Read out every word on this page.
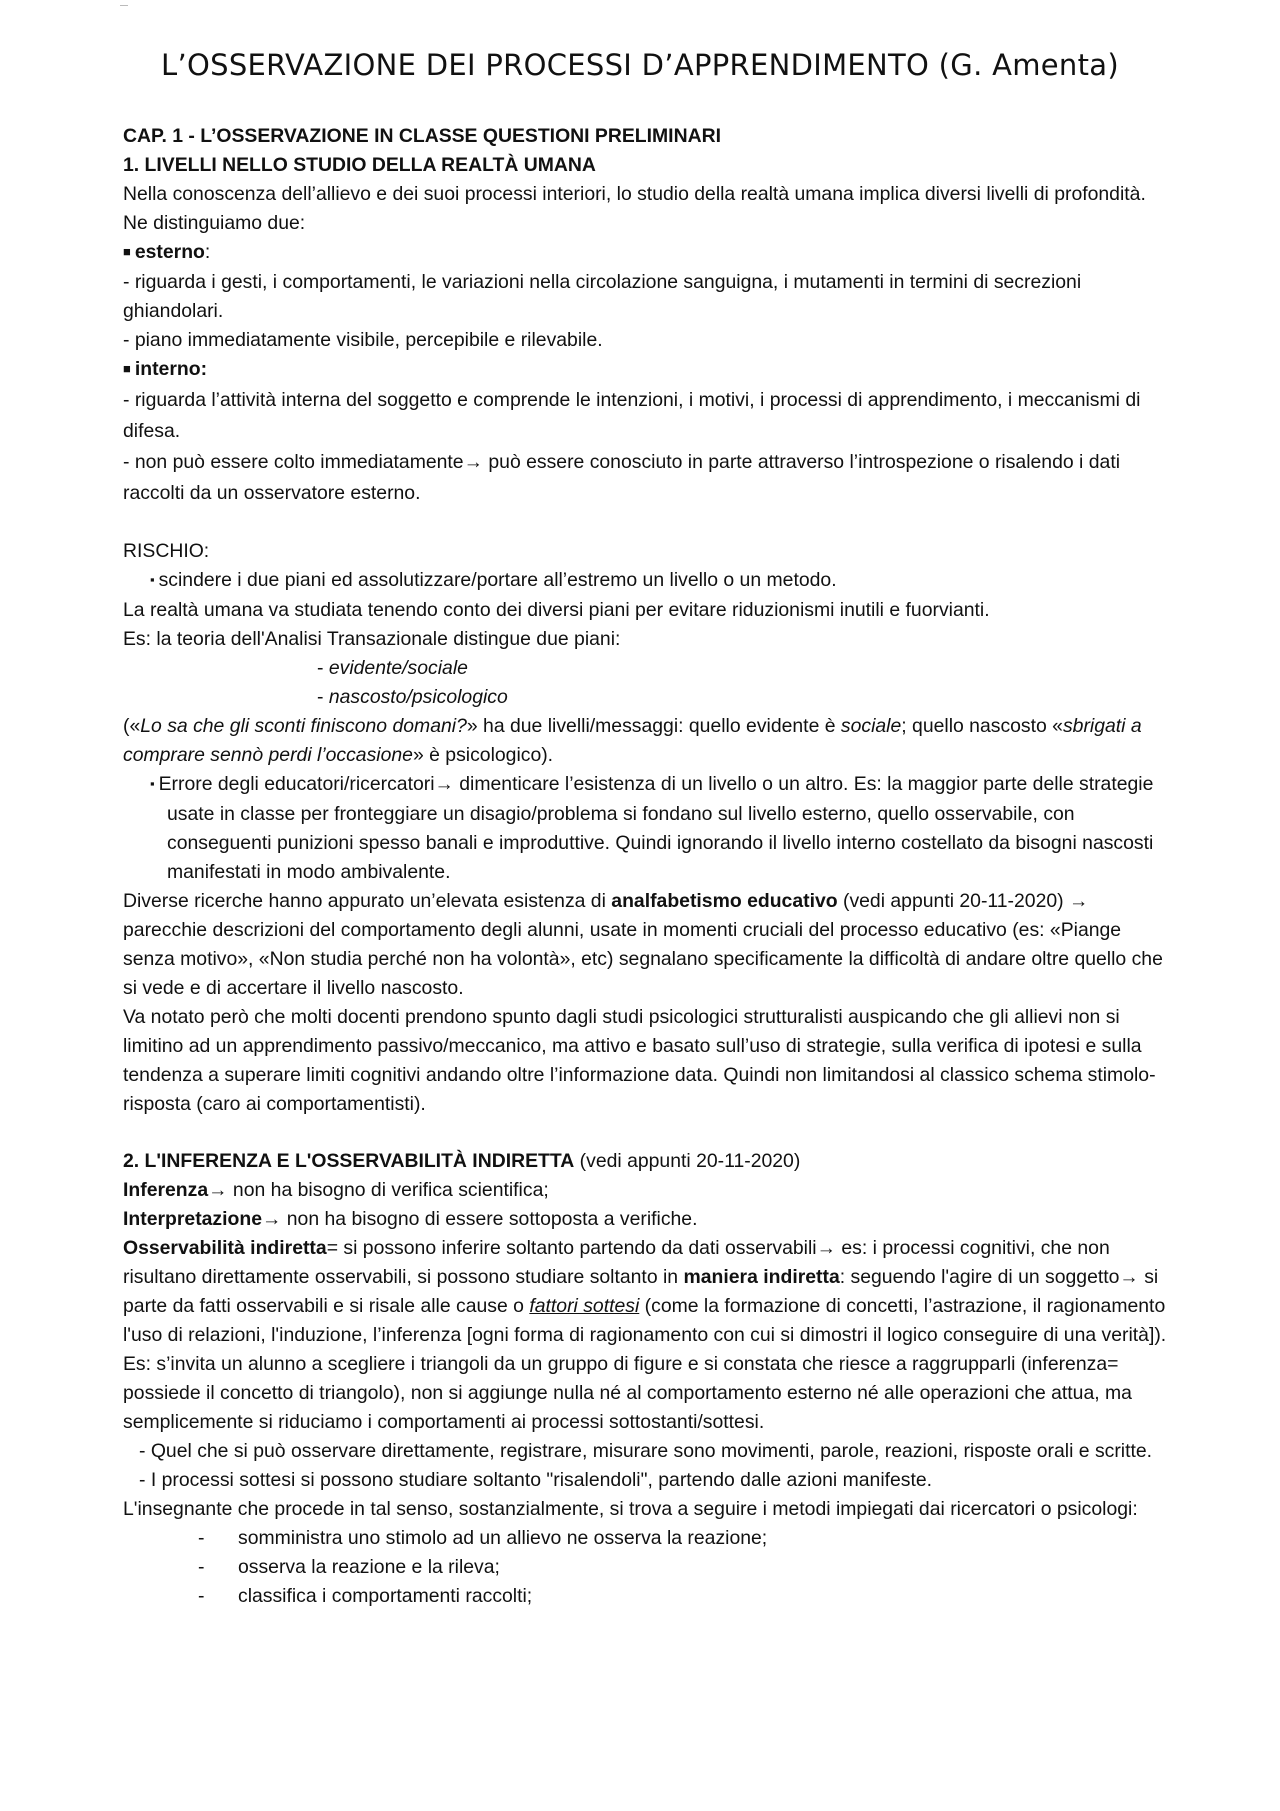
L’OSSERVAZIONE DEI PROCESSI D’APPRENDIMENTO (G. Amenta)

CAP. 1 - L’OSSERVAZIONE IN CLASSE QUESTIONI PRELIMINARI

1. LIVELLI NELLO STUDIO DELLA REALTÀ UMANA

Nella conoscenza dell’allievo e dei suoi processi interiori, lo studio della realtà umana implica diversi livelli di profondità. Ne distinguiamo due:

■ esterno:

- riguarda i gesti, i comportamenti, le variazioni nella circolazione sanguigna, i mutamenti in termini di secrezioni ghiandolari.

- piano immediatamente visibile, percepibile e rilevabile.

■ interno:

- riguarda l’attività interna del soggetto e comprende le intenzioni, i motivi, i processi di apprendimento, i meccanismi di difesa.

- non può essere colto immediatamente→ può essere conosciuto in parte attraverso l’introspezione o risalendo i dati raccolti da un osservatore esterno.

RISCHIO:

▪ scindere i due piani ed assolutizzare/portare all’estremo un livello o un metodo.

La realtà umana va studiata tenendo conto dei diversi piani per evitare riduzionismi inutili e fuorvianti.

Es: la teoria dell'Analisi Transazionale distingue due piani:

- evidente/sociale

- nascosto/psicologico

(«Lo sa che gli sconti finiscono domani?» ha due livelli/messaggi: quello evidente è sociale; quello nascosto «sbrigati a comprare sennò perdi l’occasione» è psicologico).

▪ Errore degli educatori/ricercatori→ dimenticare l’esistenza di un livello o un altro. Es: la maggior parte delle strategie usate in classe per fronteggiare un disagio/problema si fondano sul livello esterno, quello osservabile, con conseguenti punizioni spesso banali e improduttive. Quindi ignorando il livello interno costellato da bisogni nascosti manifestati in modo ambivalente.

Diverse ricerche hanno appurato un’elevata esistenza di analfabetismo educativo (vedi appunti 20-11-2020) → parecchie descrizioni del comportamento degli alunni, usate in momenti cruciali del processo educativo (es: «Piange senza motivo», «Non studia perché non ha volontà», etc) segnalano specificamente la difficoltà di andare oltre quello che si vede e di accertare il livello nascosto.

Va notato però che molti docenti prendono spunto dagli studi psicologici strutturalisti auspicando che gli allievi non si limitino ad un apprendimento passivo/meccanico, ma attivo e basato sull’uso di strategie, sulla verifica di ipotesi e sulla tendenza a superare limiti cognitivi andando oltre l’informazione data. Quindi non limitandosi al classico schema stimolo-risposta (caro ai comportamentisti).

2. L'INFERENZA E L'OSSERVABILITÀ INDIRETTA (vedi appunti 20-11-2020)

Inferenza→ non ha bisogno di verifica scientifica;

Interpretazione→ non ha bisogno di essere sottoposta a verifiche.

Osservabilità indiretta= si possono inferire soltanto partendo da dati osservabili→ es: i processi cognitivi, che non risultano direttamente osservabili, si possono studiare soltanto in maniera indiretta: seguendo l'agire di un soggetto→ si parte da fatti osservabili e si risale alle cause o fattori sottesi (come la formazione di concetti, l’astrazione, il ragionamento l'uso di relazioni, l'induzione, l’inferenza [ogni forma di ragionamento con cui si dimostri il logico conseguire di una verità]). Es: s’invita un alunno a scegliere i triangoli da un gruppo di figure e si constata che riesce a raggrupparli (inferenza= possiede il concetto di triangolo), non si aggiunge nulla né al comportamento esterno né alle operazioni che attua, ma semplicemente si riduciamo i comportamenti ai processi sottostanti/sottesi.

- Quel che si può osservare direttamente, registrare, misurare sono movimenti, parole, reazioni, risposte orali e scritte.

- I processi sottesi si possono studiare soltanto "risalendoli", partendo dalle azioni manifeste.

L'insegnante che procede in tal senso, sostanzialmente, si trova a seguire i metodi impiegati dai ricercatori o psicologi:

-	somministra uno stimolo ad un allievo ne osserva la reazione;
-	osserva la reazione e la rileva;
-	classifica i comportamenti raccolti;
